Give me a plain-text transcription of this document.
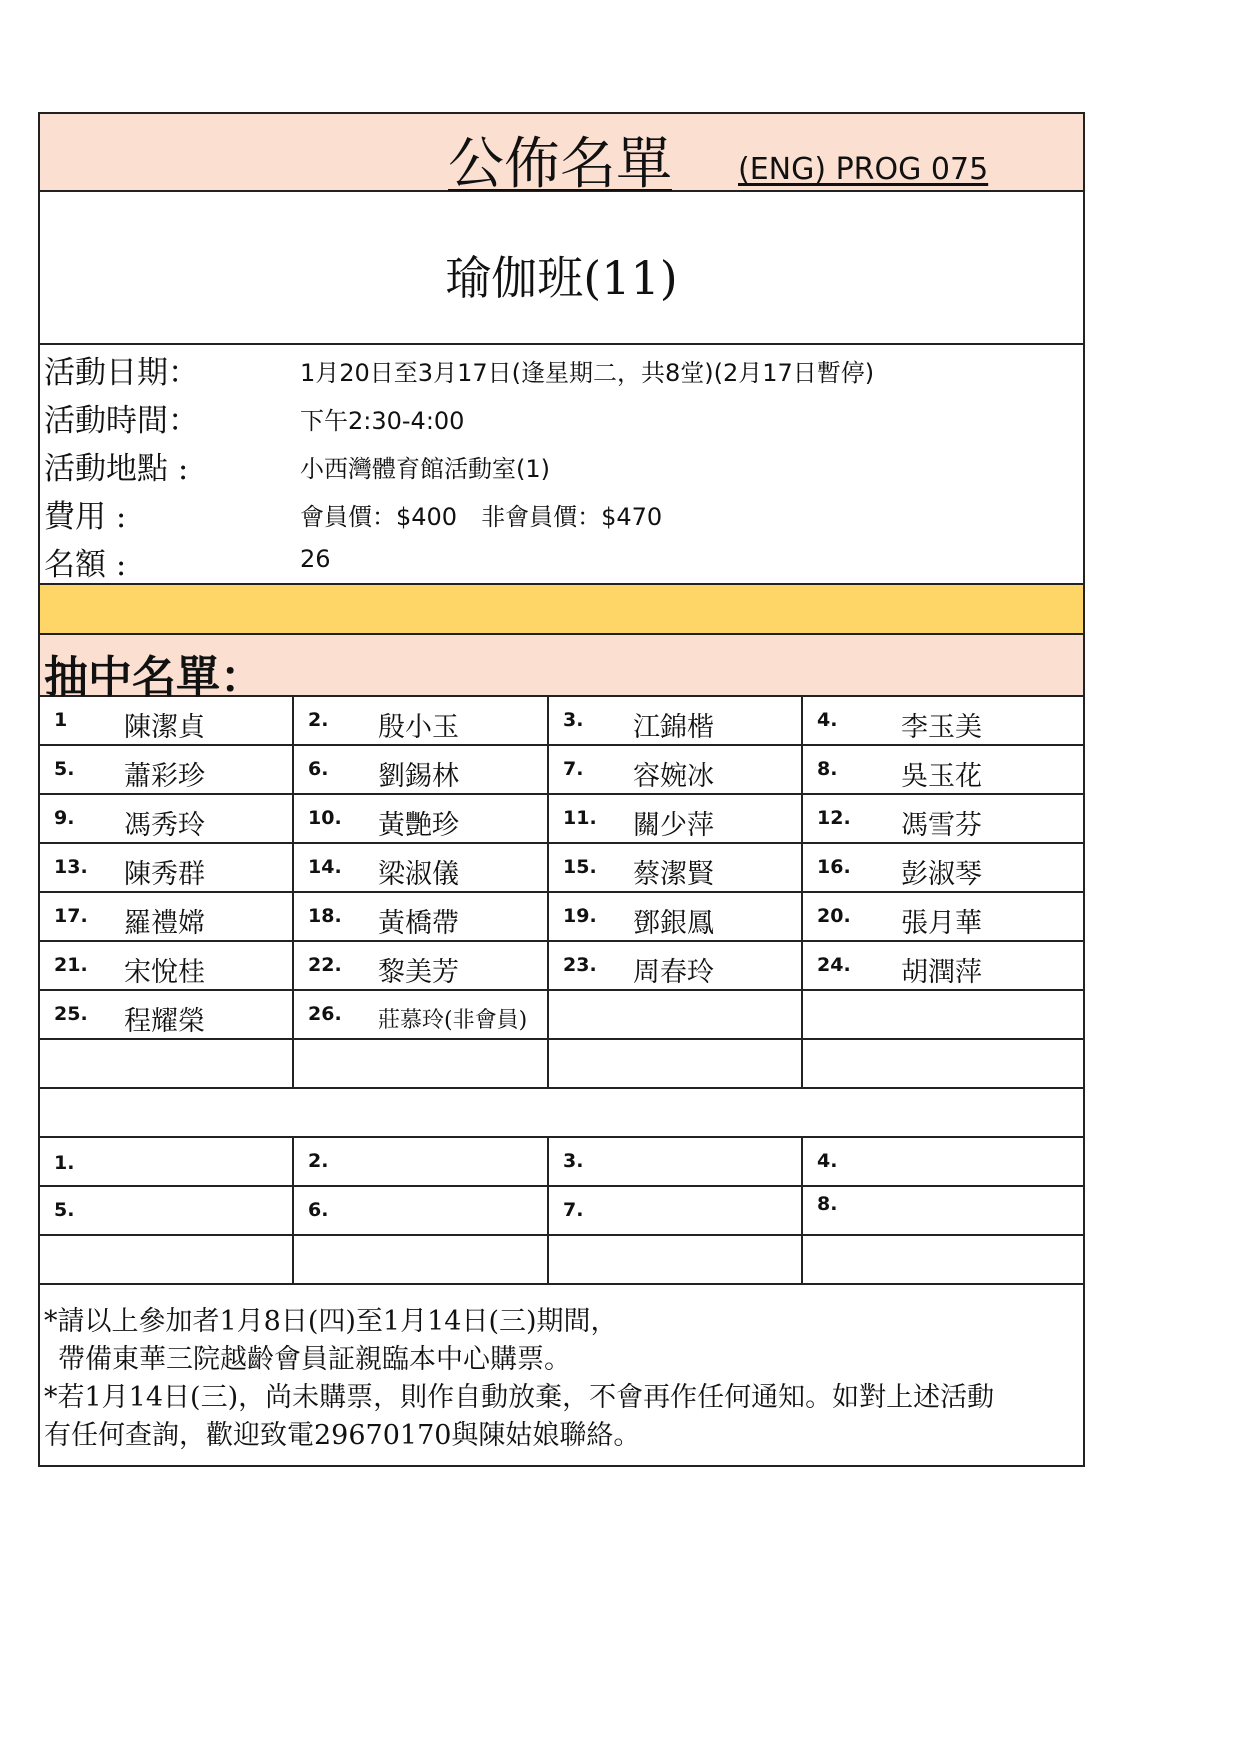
公佈名單 (ENG) PROG 075
瑜伽班(11)
活動日期：	1月20日至3月17日(逢星期二，共8堂)(2月17日暫停)
活動時間：	下午2:30-4:00
活動地點 :	小西灣體育館活動室(1)
費用 :	會員價：$400　非會員價：$470
名額 :	26
抽中名單：
1 陳潔貞	2. 殷小玉	3. 江錦楷	4. 李玉美
5. 蕭彩珍	6. 劉錫林	7. 容婉冰	8. 吳玉花
9. 馮秀玲	10. 黃艷珍	11. 關少萍	12. 馮雪芬
13. 陳秀群	14. 梁淑儀	15. 蔡潔賢	16. 彭淑琴
17. 羅禮嫦	18. 黃橋帶	19. 鄧銀鳳	20. 張月華
21. 宋悅桂	22. 黎美芳	23. 周春玲	24. 胡潤萍
25. 程耀榮	26. 莊慕玲(非會員)
1.	2.	3.	4.
5.	6.	7.	8.
*請以上參加者1月8日(四)至1月14日(三)期間，
帶備東華三院越齡會員証親臨本中心購票。
*若1月14日(三)，尚未購票，則作自動放棄，不會再作任何通知。如對上述活動
有任何查詢，歡迎致電29670170與陳姑娘聯絡。
